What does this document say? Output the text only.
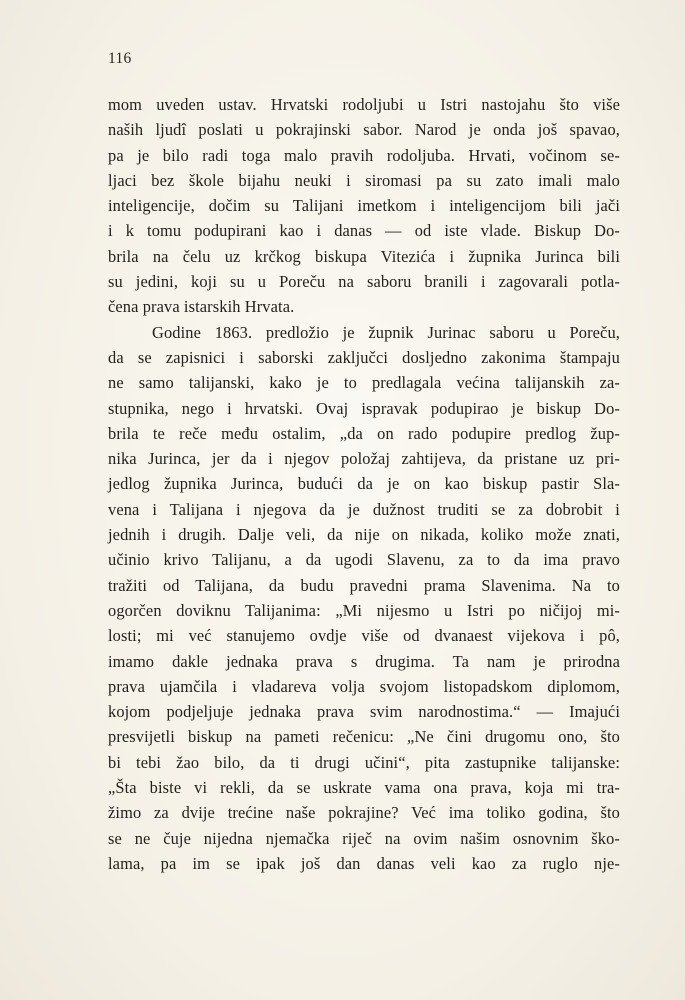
116
mom uveden ustav. Hrvatski rodoljubi u Istri nastojahu što više
naših ljudî poslati u pokrajinski sabor. Narod je onda još spavao,
pa je bilo radi toga malo pravih rodoljuba. Hrvati, vočinom se-
ljaci bez škole bijahu neuki i siromasi pa su zato imali malo
inteligencije, dočim su Talijani imetkom i inteligencijom bili jači
i k tomu podupirani kao i danas — od iste vlade. Biskup Do-
brila na čelu uz krčkog biskupa Vitezića i župnika Jurinca bili
su jedini, koji su u Poreču na saboru branili i zagovarali potla-
čena prava istarskih Hrvata.
Godine 1863. predložio je župnik Jurinac saboru u Poreču,
da se zapisnici i saborski zaključci dosljedno zakonima štampaju
ne samo talijanski, kako je to predlagala većina talijanskih za-
stupnika, nego i hrvatski. Ovaj ispravak podupirao je biskup Do-
brila te reče među ostalim, „da on rado podupire predlog žup-
nika Jurinca, jer da i njegov položaj zahtijeva, da pristane uz pri-
jedlog župnika Jurinca, budući da je on kao biskup pastir Sla-
vena i Talijana i njegova da je dužnost truditi se za dobrobit i
jednih i drugih. Dalje veli, da nije on nikada, koliko može znati,
učinio krivo Talijanu, a da ugodi Slavenu, za to da ima pravo
tražiti od Talijana, da budu pravedni prama Slavenima. Na to
ogorčen doviknu Talijanima: „Mi nijesmo u Istri po ničijoj mi-
losti; mi već stanujemo ovdje više od dvanaest vijekova i pô,
imamo dakle jednaka prava s drugima. Ta nam je prirodna
prava ujamčila i vladareva volja svojom listopadskom diplomom,
kojom podjeljuje jednaka prava svim narodnostima.“ — Imajući
presvijetli biskup na pameti rečenicu: „Ne čini drugomu ono, što
bi tebi žao bilo, da ti drugi učini“, pita zastupnike talijanske:
„Šta biste vi rekli, da se uskrate vama ona prava, koja mi tra-
žimo za dvije trećine naše pokrajine? Već ima toliko godina, što
se ne čuje nijedna njemačka riječ na ovim našim osnovnim ško-
lama, pa im se ipak još dan danas veli kao za ruglo nje-
